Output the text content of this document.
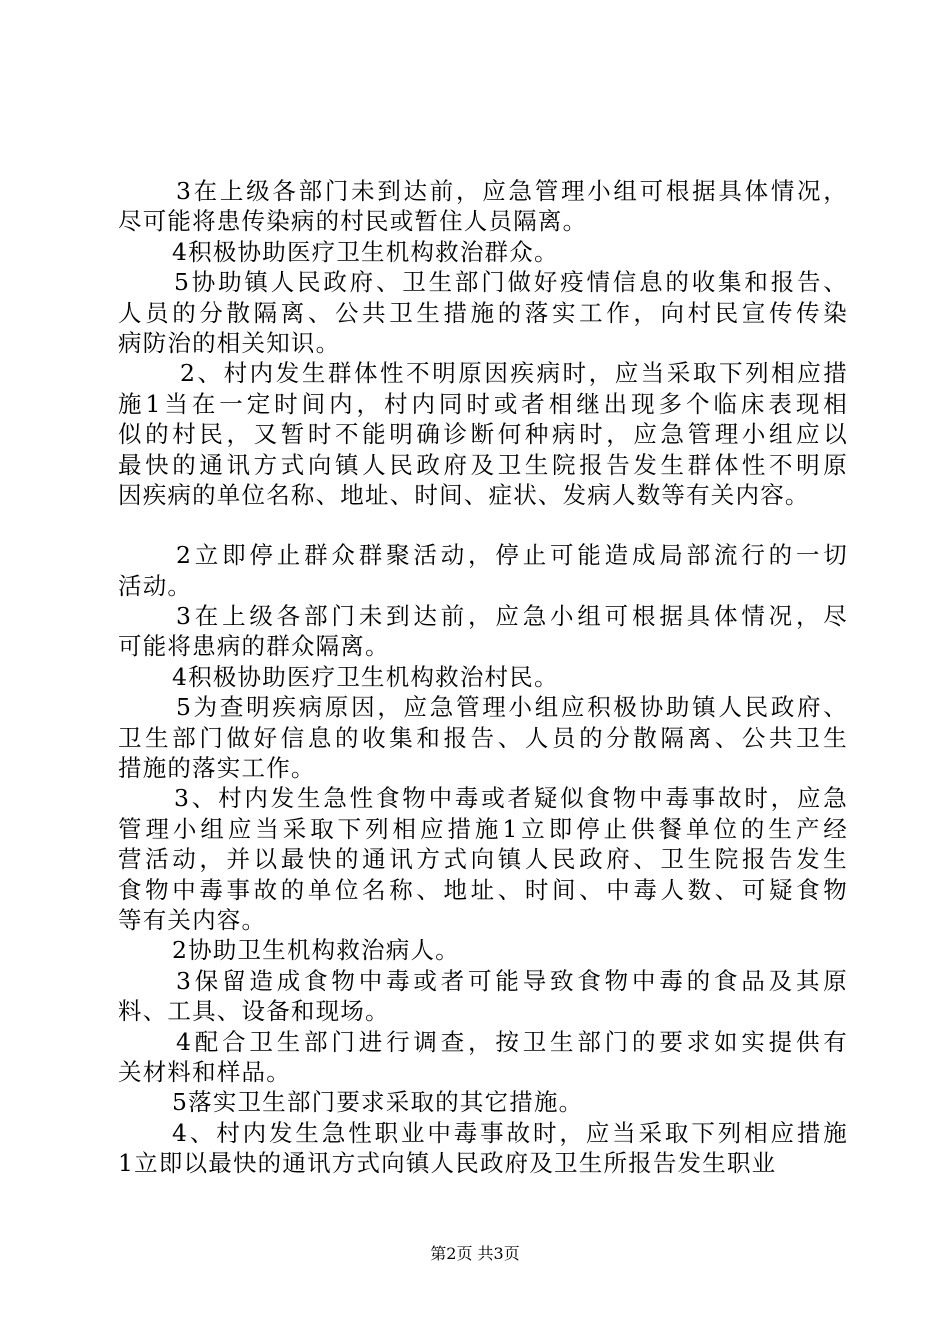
3在上级各部门未到达前，应急管理小组可根据具体情况，
尽可能将患传染病的村民或暂住人员隔离。
4积极协助医疗卫生机构救治群众。
5协助镇人民政府、卫生部门做好疫情信息的收集和报告、
人员的分散隔离、公共卫生措施的落实工作，向村民宣传传染
病防治的相关知识。
2、村内发生群体性不明原因疾病时，应当采取下列相应措
施1当在一定时间内，村内同时或者相继出现多个临床表现相
似的村民，又暂时不能明确诊断何种病时，应急管理小组应以
最快的通讯方式向镇人民政府及卫生院报告发生群体性不明原
因疾病的单位名称、地址、时间、症状、发病人数等有关内容。
2立即停止群众群聚活动，停止可能造成局部流行的一切
活动。
3在上级各部门未到达前，应急小组可根据具体情况，尽
可能将患病的群众隔离。
4积极协助医疗卫生机构救治村民。
5为查明疾病原因，应急管理小组应积极协助镇人民政府、
卫生部门做好信息的收集和报告、人员的分散隔离、公共卫生
措施的落实工作。
3、村内发生急性食物中毒或者疑似食物中毒事故时，应急
管理小组应当采取下列相应措施1立即停止供餐单位的生产经
营活动，并以最快的通讯方式向镇人民政府、卫生院报告发生
食物中毒事故的单位名称、地址、时间、中毒人数、可疑食物
等有关内容。
2协助卫生机构救治病人。
3保留造成食物中毒或者可能导致食物中毒的食品及其原
料、工具、设备和现场。
4配合卫生部门进行调查，按卫生部门的要求如实提供有
关材料和样品。
5落实卫生部门要求采取的其它措施。
4、村内发生急性职业中毒事故时，应当采取下列相应措施
1立即以最快的通讯方式向镇人民政府及卫生所报告发生职业
第2页 共3页
